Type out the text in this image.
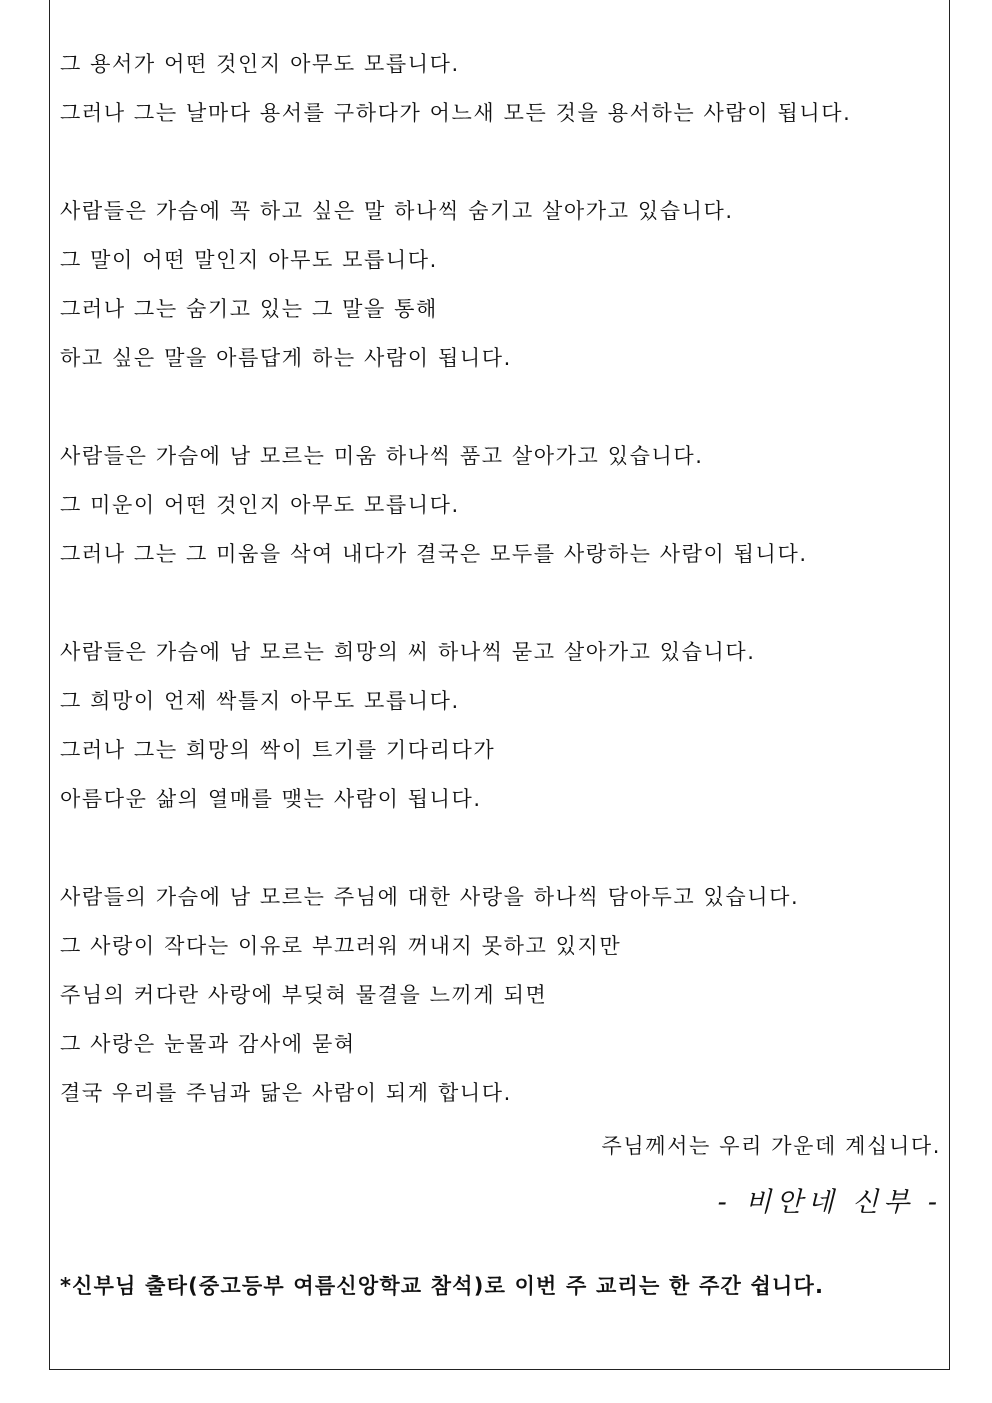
그 용서가 어떤 것인지 아무도 모릅니다.
그러나 그는 날마다 용서를 구하다가 어느새 모든 것을 용서하는 사람이 됩니다.
사람들은 가슴에 꼭 하고 싶은 말 하나씩 숨기고 살아가고 있습니다.
그 말이 어떤 말인지 아무도 모릅니다.
그러나 그는 숨기고 있는 그 말을 통해
하고 싶은 말을 아름답게 하는 사람이 됩니다.
사람들은 가슴에 남 모르는 미움 하나씩 품고 살아가고 있습니다.
그 미운이 어떤 것인지 아무도 모릅니다.
그러나 그는 그 미움을 삭여 내다가 결국은 모두를 사랑하는 사람이 됩니다.
사람들은 가슴에 남 모르는 희망의 씨 하나씩 묻고 살아가고 있습니다.
그 희망이 언제 싹틀지 아무도 모릅니다.
그러나 그는 희망의 싹이 트기를 기다리다가
아름다운 삶의 열매를 맺는 사람이 됩니다.
사람들의 가슴에 남 모르는 주님에 대한 사랑을 하나씩 담아두고 있습니다.
그 사랑이 작다는 이유로 부끄러워 꺼내지 못하고 있지만
주님의 커다란 사랑에 부딪혀 물결을 느끼게 되면
그 사랑은 눈물과 감사에 묻혀
결국 우리를 주님과 닮은 사람이 되게 합니다.
주님께서는 우리 가운데 계십니다.
- 비안네 신부 -
*신부님 출타(중고등부 여름신앙학교 참석)로 이번 주 교리는 한 주간 쉽니다.
